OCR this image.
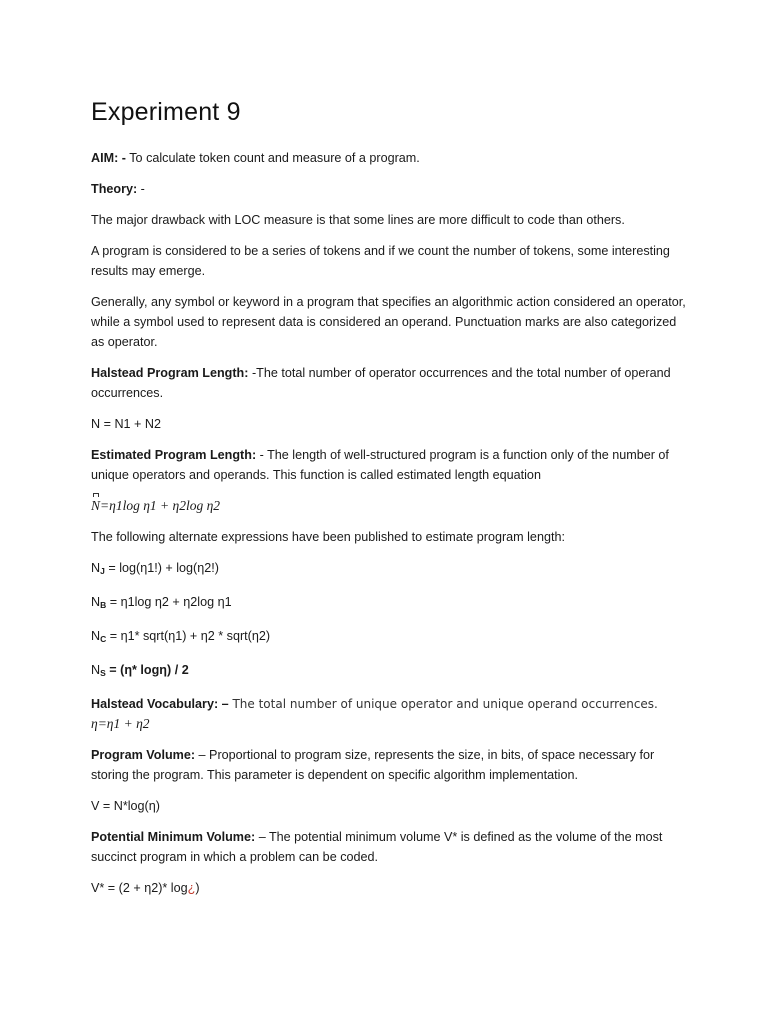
Experiment 9

AIM: - To calculate token count and measure of a program.

Theory: -

The major drawback with LOC measure is that some lines are more difficult to code than others.

A program is considered to be a series of tokens and if we count the number of tokens, some interesting results may emerge.

Generally, any symbol or keyword in a program that specifies an algorithmic action considered an operator, while a symbol used to represent data is considered an operand. Punctuation marks are also categorized as operator.

Halstead Program Length: -The total number of operator occurrences and the total number of operand occurrences.

N = N1 + N2

Estimated Program Length: - The length of well-structured program is a function only of the number of unique operators and operands. This function is called estimated length equation

N=η1log η1 + η2log η2

The following alternate expressions have been published to estimate program length:

$N_J = \log(\eta 1!) + \log(\eta 2!)$

$N_B = \eta 1\log$ η2 + η2log η1

$N_C = \eta 1*$ sqrt(η1) + η2 * sqrt(η2)

$N_S = (\eta*$ logη) / 2

Halstead Vocabulary: – The total number of unique operator and unique operand occurrences.

η=η1 + η2

Program Volume: – Proportional to program size, represents the size, in bits, of space necessary for storing the program. This parameter is dependent on specific algorithm implementation.

V = N*log(η)

Potential Minimum Volume: – The potential minimum volume V* is defined as the volume of the most succinct program in which a problem can be coded.

V* = (2 + η2)* log¿)
